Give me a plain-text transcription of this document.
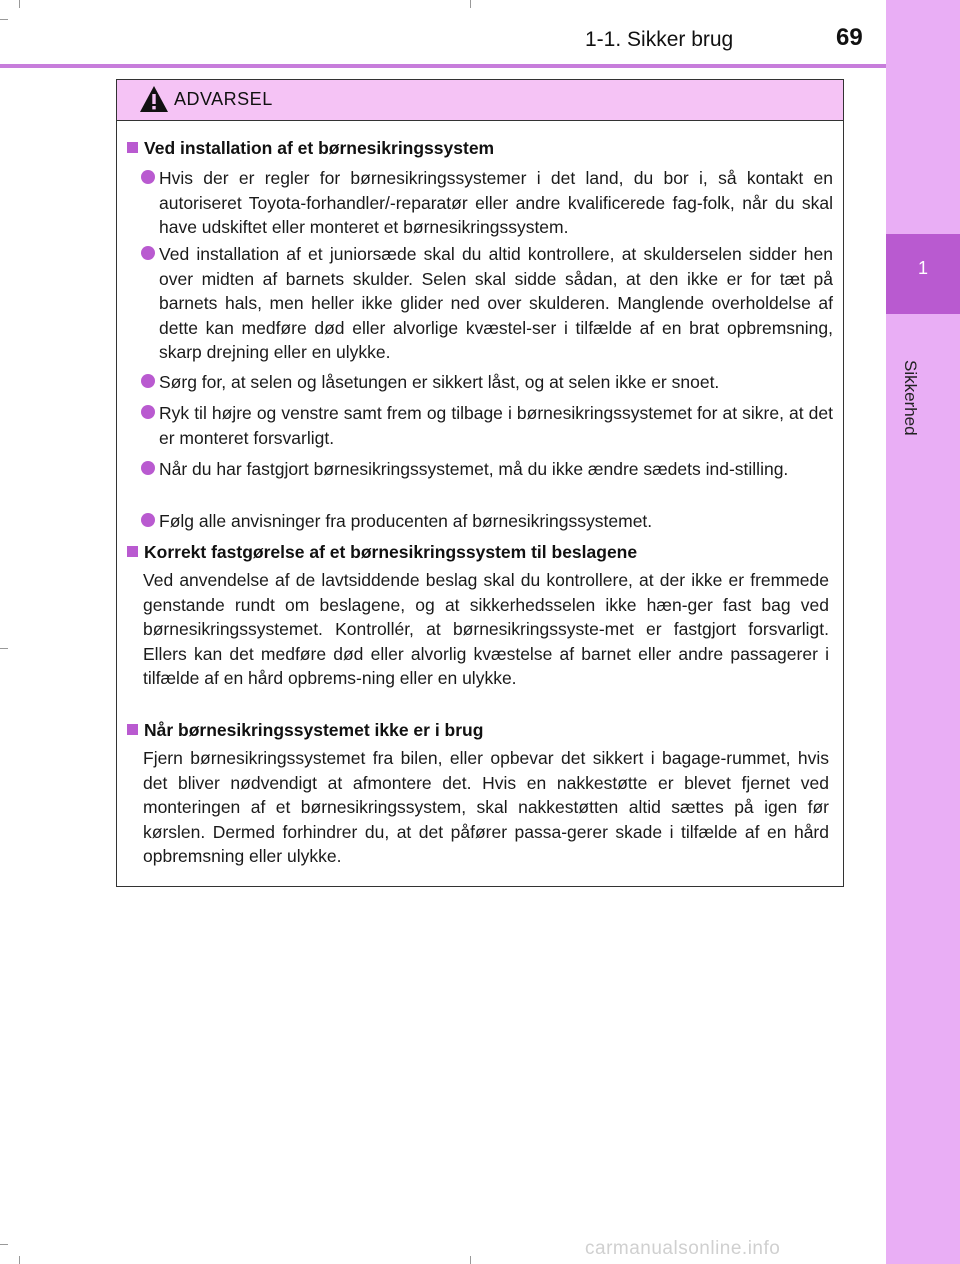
1
Sikkerhed
1-1. Sikker brug	69
ADVARSEL
Ved installation af et børnesikringssystem
Hvis der er regler for børnesikringssystemer i det land, du bor i, så kontakt en autoriseret Toyota-forhandler/-reparatør eller andre kvalificerede fag-folk, når du skal have udskiftet eller monteret et børnesikringssystem.
Ved installation af et juniorsæde skal du altid kontrollere, at skulderselen sidder hen over midten af barnets skulder. Selen skal sidde sådan, at den ikke er for tæt på barnets hals, men heller ikke glider ned over skulderen. Manglende overholdelse af dette kan medføre død eller alvorlige kvæstel-ser i tilfælde af en brat opbremsning, skarp drejning eller en ulykke.
Sørg for, at selen og låsetungen er sikkert låst, og at selen ikke er snoet.
Ryk til højre og venstre samt frem og tilbage i børnesikringssystemet for at sikre, at det er monteret forsvarligt.
Når du har fastgjort børnesikringssystemet, må du ikke ændre sædets ind-stilling.
Følg alle anvisninger fra producenten af børnesikringssystemet.
Korrekt fastgørelse af et børnesikringssystem til beslagene
Ved anvendelse af de lavtsiddende beslag skal du kontrollere, at der ikke er fremmede genstande rundt om beslagene, og at sikkerhedsselen ikke hæn-ger fast bag ved børnesikringssystemet. Kontrollér, at børnesikringssyste-met er fastgjort forsvarligt. Ellers kan det medføre død eller alvorlig kvæstelse af barnet eller andre passagerer i tilfælde af en hård opbrems-ning eller en ulykke.
Når børnesikringssystemet ikke er i brug
Fjern børnesikringssystemet fra bilen, eller opbevar det sikkert i bagage-rummet, hvis det bliver nødvendigt at afmontere det. Hvis en nakkestøtte er blevet fjernet ved monteringen af et børnesikringssystem, skal nakkestøtten altid sættes på igen før kørslen. Dermed forhindrer du, at det påfører passa-gerer skade i tilfælde af en hård opbremsning eller ulykke.
carmanualsonline.info
